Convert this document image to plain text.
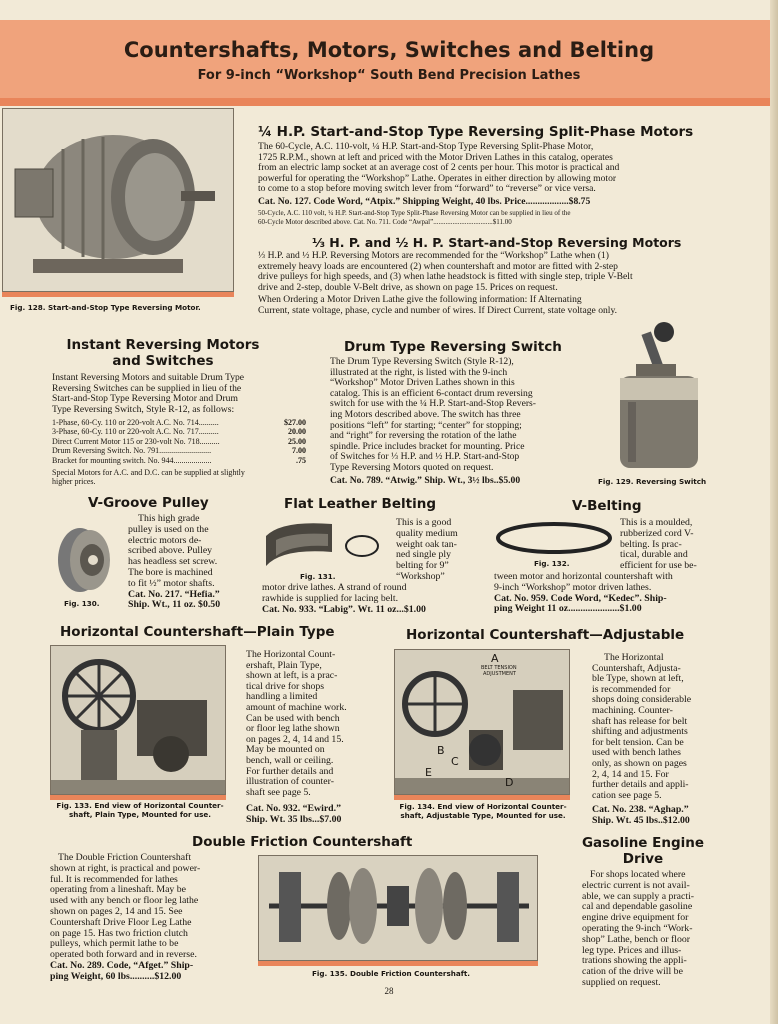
Countershafts, Motors, Switches and Belting
For 9-inch “Workshop“ South Bend Precision Lathes
Fig. 128. Start-and-Stop Type Reversing Motor.
¼ H.P. Start-and-Stop Type Reversing Split-Phase Motors
The 60-Cycle, A.C. 110-volt, ¼ H.P. Start-and-Stop Type Reversing Split-Phase Motor,
1725 R.P.M., shown at left and priced with the Motor Driven Lathes in this catalog, operates
from an electric lamp socket at an average cost of 2 cents per hour. This motor is practical and
powerful for operating the “Workshop” Lathe. Operates in either direction by allowing motor
to come to a stop before moving switch lever from “forward” to “reverse” or vice versa.
Cat. No. 127. Code Word, “Atpix.” Shipping Weight, 40 lbs. Price..................$8.75
50-Cycle, A.C. 110 volt, ¼ H.P. Start-and-Stop Type Split-Phase Reversing Motor can be supplied in lieu of the
60-Cycle Motor described above. Cat. No. 711. Code “Awpal”..................................$11.00
⅓ H. P. and ½ H. P. Start-and-Stop Reversing Motors
⅓ H.P. and ½ H.P. Reversing Motors are recommended for the “Workshop” Lathe when (1)
extremely heavy loads are encountered (2) when countershaft and motor are fitted with 2-step
drive pulleys for high speeds, and (3) when lathe headstock is fitted with single step, triple V-Belt
drive and 2-step, double V-Belt drive, as shown on page 15. Prices on request.
When Ordering a Motor Driven Lathe give the following information: If Alternating
Current, state voltage, phase, cycle and number of wires. If Direct Current, state voltage only.
Instant Reversing Motors
and Switches
Instant Reversing Motors and suitable Drum Type
Reversing Switches can be supplied in lieu of the
Start-and-Stop Type Reversing Motor and Drum
Type Reversing Switch, Style R-12, as follows:
1-Phase, 60-Cy. 110 or 220-volt A.C. No. 714..........	$27.00
3-Phase, 60-Cy. 110 or 220-volt A.C. No. 717..........	20.00
Direct Current Motor 115 or 230-volt No. 718..........	25.00
Drum Reversing Switch. No. 791..........................	7.00
Bracket for mounting switch. No. 944...................	.75
Special Motors for A.C. and D.C. can be supplied at slightly
higher prices.
Drum Type Reversing Switch
The Drum Type Reversing Switch (Style R-12),
illustrated at the right, is listed with the 9-inch
“Workshop” Motor Driven Lathes shown in this
catalog. This is an efficient 6-contact drum reversing
switch for use with the ¼ H.P. Start-and-Stop Revers-
ing Motors described above. The switch has three
positions “left” for starting; “center” for stopping;
and “right” for reversing the rotation of the lathe
spindle. Price includes bracket for mounting. Price
of Switches for ⅓ H.P. and ½ H.P. Start-and-Stop
Type Reversing Motors quoted on request.
Cat. No. 789. “Atwig.” Ship. Wt., 3½ lbs..$5.00	Fig. 129. Reversing Switch
V-Groove Pulley
Fig. 130.
This high grade
pulley is used on the
electric motors de-
scribed above. Pulley
has headless set screw.
The bore is machined
to fit ½” motor shafts.
Cat. No. 217. “Hefia.”
Ship. Wt., 11 oz. $0.50
Flat Leather Belting
Fig. 131.
This is a good
quality medium
weight oak tan-
ned single ply
belting for 9”
“Workshop”
motor drive lathes. A strand of round
rawhide is supplied for lacing belt.
Cat. No. 933. “Labig”. Wt. 11 oz...$1.00
V-Belting
Fig. 132.
This is a moulded,
rubberized cord V-
belting. Is prac-
tical, durable and
efficient for use be-
tween motor and horizontal countershaft with
9-inch “Workshop” motor driven lathes.
Cat. No. 959. Code Word, “Kedec”. Ship-
ping Weight 11 oz.....................$1.00
Horizontal Countershaft—Plain Type
Fig. 133. End view of Horizontal Counter-
shaft, Plain Type, Mounted for use.
The Horizontal Count-
ershaft, Plain Type,
shown at left, is a prac-
tical drive for shops
handling a limited
amount of machine work.
Can be used with bench
or floor leg lathe shown
on pages 2, 4, 14 and 15.
May be mounted on
bench, wall or ceiling.
For further details and
illustration of counter-
shaft see page 5.
Cat. No. 932. “Ewird.”
Ship. Wt. 35 lbs...$7.00
Horizontal Countershaft—Adjustable
A
BELT TENSION
ADJUSTMENT
B
C
D
E
Fig. 134. End view of Horizontal Counter-
shaft, Adjustable Type, Mounted for use.
The Horizontal
Countershaft, Adjusta-
ble Type, shown at left,
is recommended for
shops doing considerable
machining. Counter-
shaft has release for belt
shifting and adjustments
for belt tension. Can be
used with bench lathes
only, as shown on pages
2, 4, 14 and 15. For
further details and appli-
cation see page 5.
Cat. No. 238. “Aghap.”
Ship. Wt. 45 lbs..$12.00
Double Friction Countershaft
The Double Friction Countershaft
shown at right, is practical and power-
ful. It is recommended for lathes
operating from a lineshaft. May be
used with any bench or floor leg lathe
shown on pages 2, 14 and 15. See
Countershaft Drive Floor Leg Lathe
on page 15. Has two friction clutch
pulleys, which permit lathe to be
operated both forward and in reverse.
Cat. No. 289. Code, “Afget.” Ship-
ping Weight, 60 lbs..........$12.00	Fig. 135. Double Friction Countershaft.
Gasoline Engine
Drive
For shops located where
electric current is not avail-
able, we can supply a practi-
cal and dependable gasoline
engine drive equipment for
operating the 9-inch “Work-
shop” Lathe, bench or floor
leg type. Prices and illus-
trations showing the appli-
cation of the drive will be
supplied on request.
28
